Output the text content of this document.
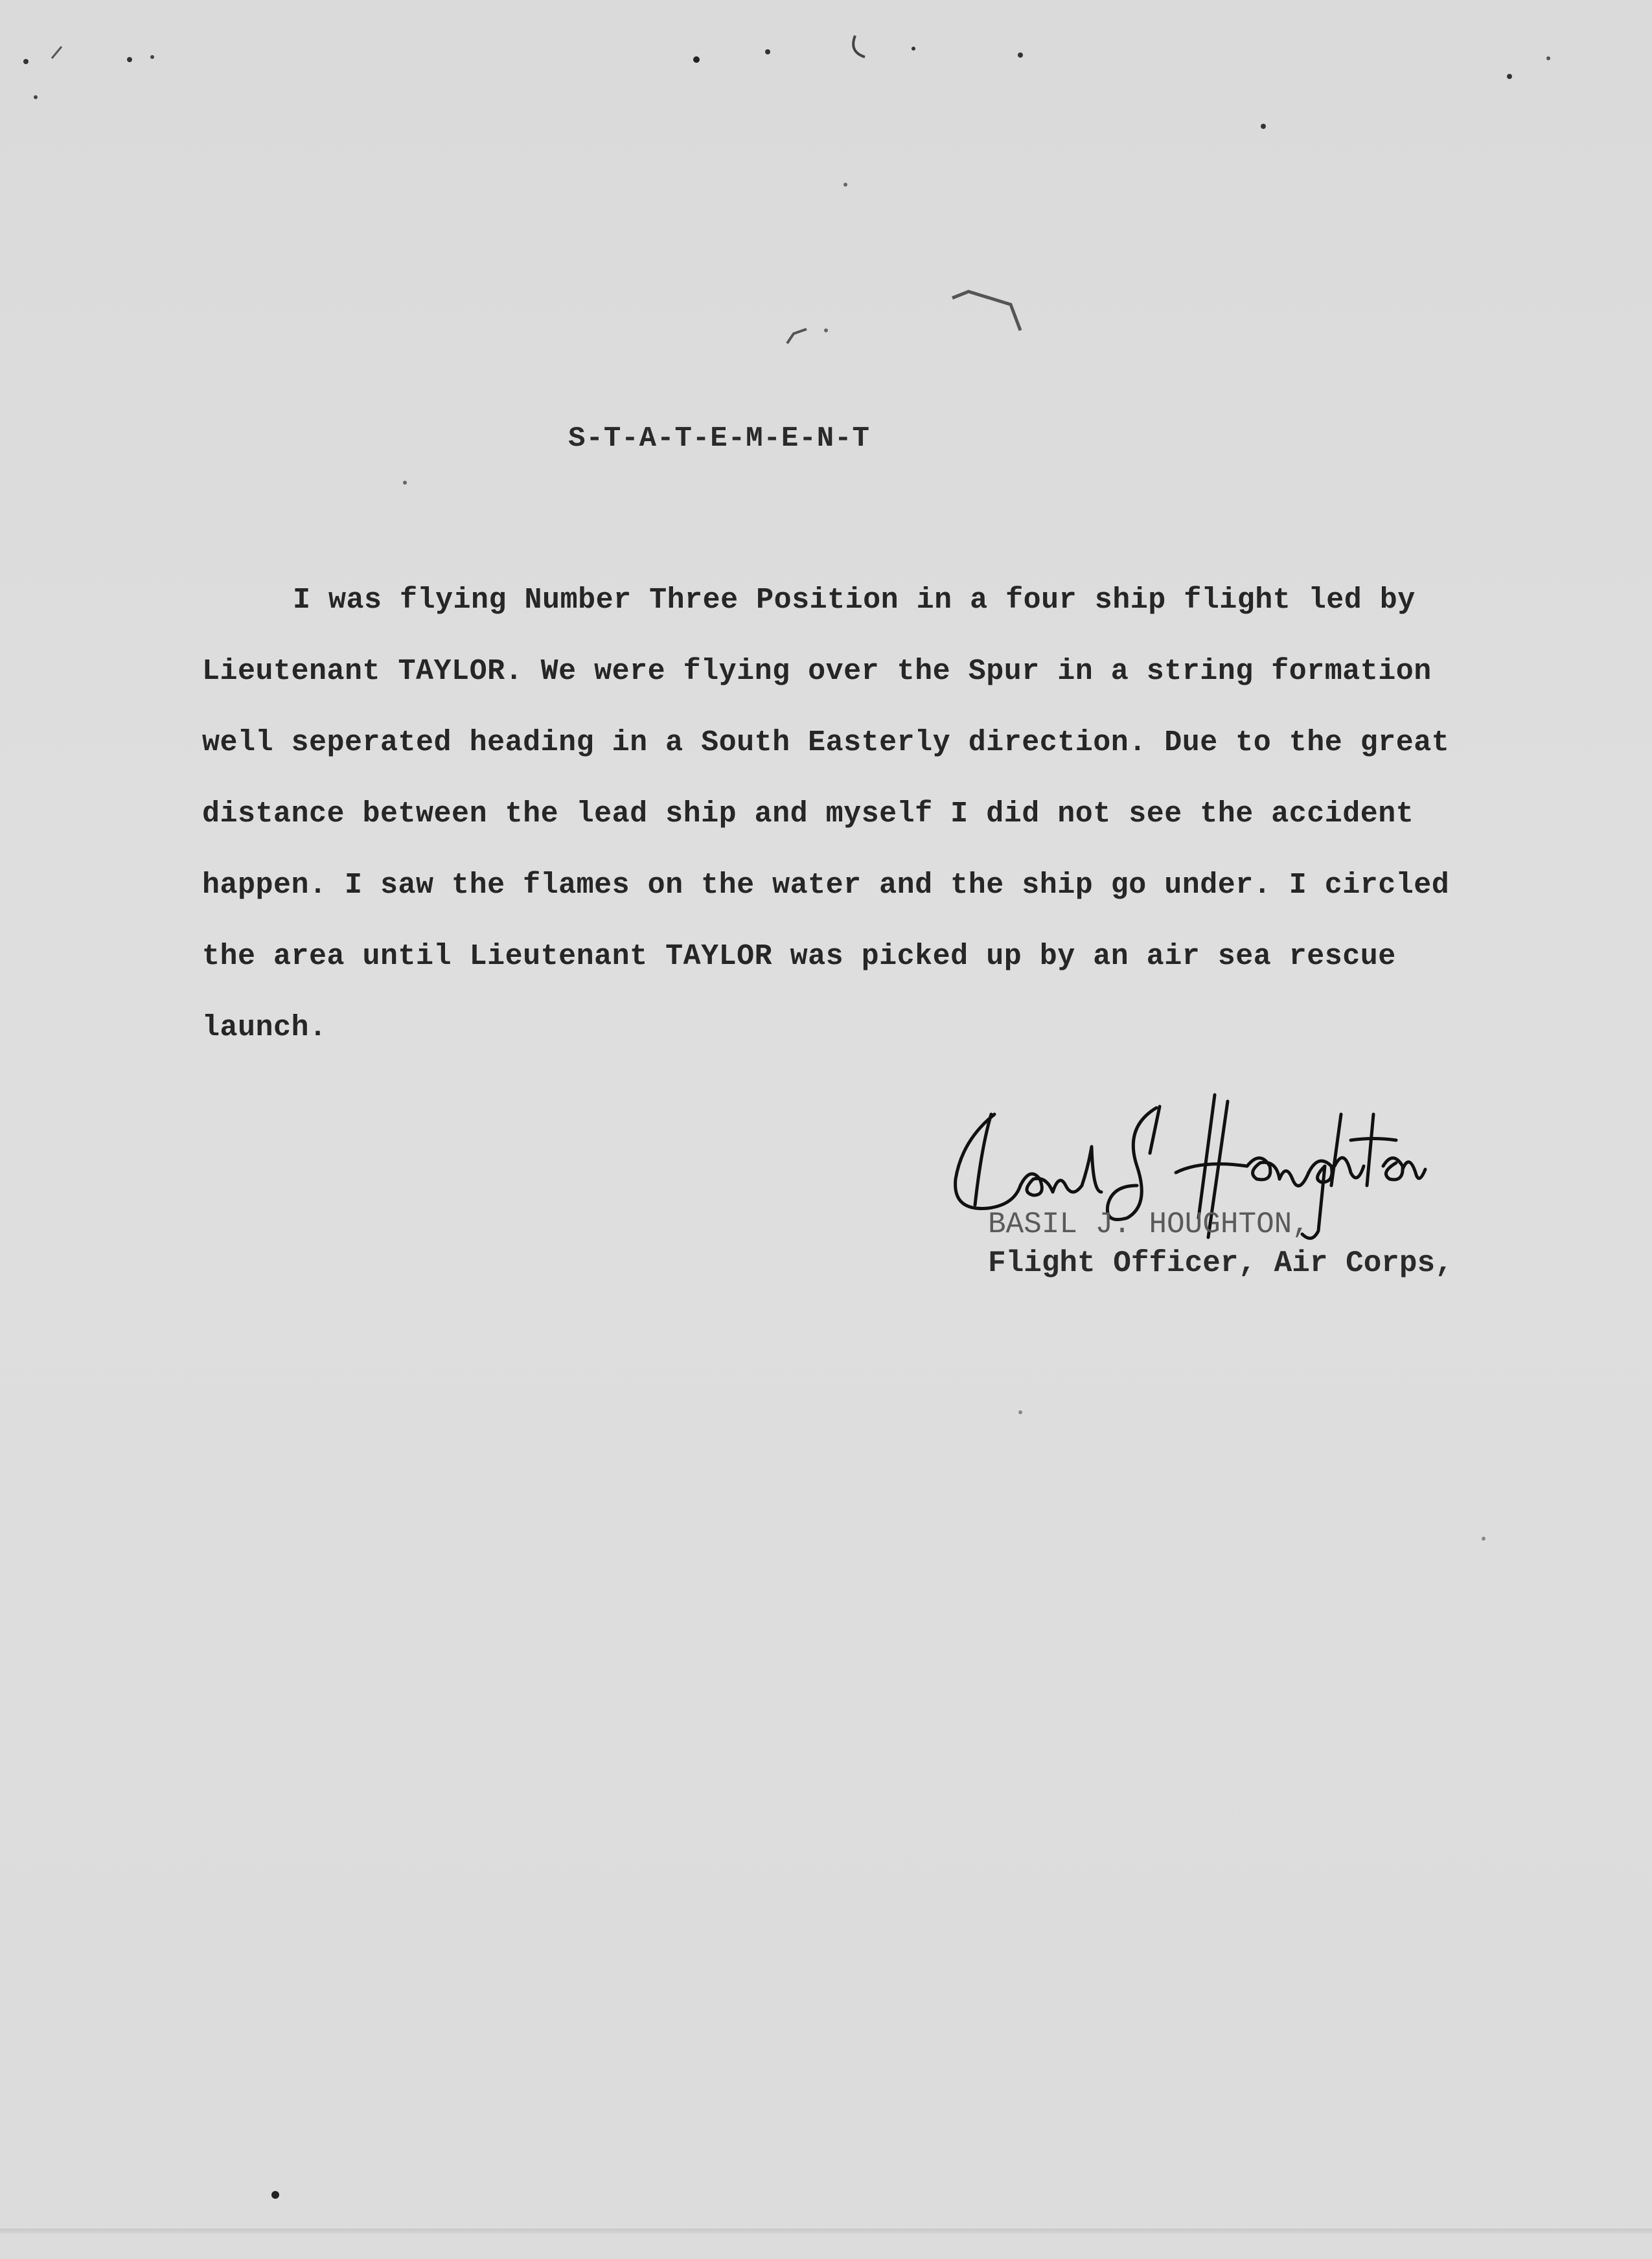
S-T-A-T-E-M-E-N-T
I was flying Number Three Position in a four ship flight led by
Lieutenant TAYLOR. We were flying over the Spur in a string formation
well seperated heading in a South Easterly direction. Due to the great
distance between the lead ship and myself I did not see the accident
happen. I saw the flames on the water and the ship go under. I circled
the area until Lieutenant TAYLOR was picked up by an air sea rescue
launch.
BASIL J. HOUGHTON,
Flight Officer, Air Corps,
